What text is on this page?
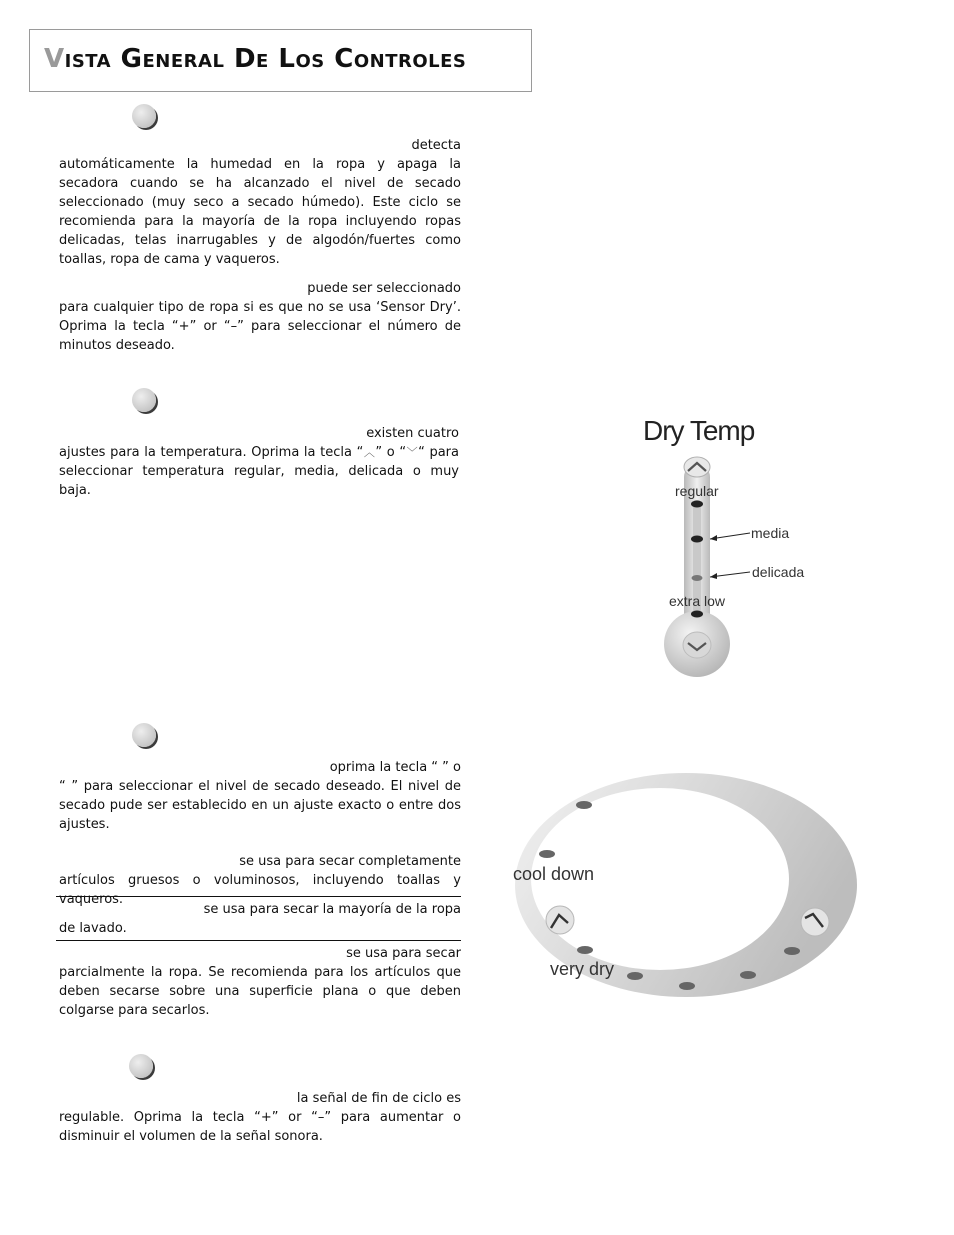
Vista General De Los Controles

detecta
automáticamente la humedad en la ropa y apaga la secadora cuando se ha alcanzado el nivel de secado seleccionado (muy seco a secado húmedo). Este ciclo se recomienda para la mayoría de la ropa incluyendo ropas delicadas, telas inarrugables y de algodón/fuertes como toallas, ropa de cama y vaqueros.

puede ser seleccionado
para cualquier tipo de ropa si es que no se usa ‘Sensor Dry’. Oprima la tecla “+” or “–” para seleccionar el número de minutos deseado.

existen cuatro
ajustes para la temperatura. Oprima la tecla “︿” o “﹀“ para seleccionar temperatura regular, media, delicada o muy baja.

Dry Temp
regular
media
delicada
extra low

oprima la tecla “ ” o
“ ” para seleccionar el nivel de secado deseado. El nivel de secado pude ser establecido en un ajuste exacto o entre dos ajustes.

se usa para secar completamente
artículos gruesos o voluminosos, incluyendo toallas y vaqueros.

se usa para secar la mayoría de la ropa
de lavado.

se usa para secar
parcialmente la ropa. Se recomienda para los artículos que deben secarse sobre una superficie plana o que deben colgarse para secarlos.

cool down
very dry

la señal de fin de ciclo es
regulable. Oprima la tecla “+” or “–” para aumentar o disminuir el volumen de la señal sonora.
